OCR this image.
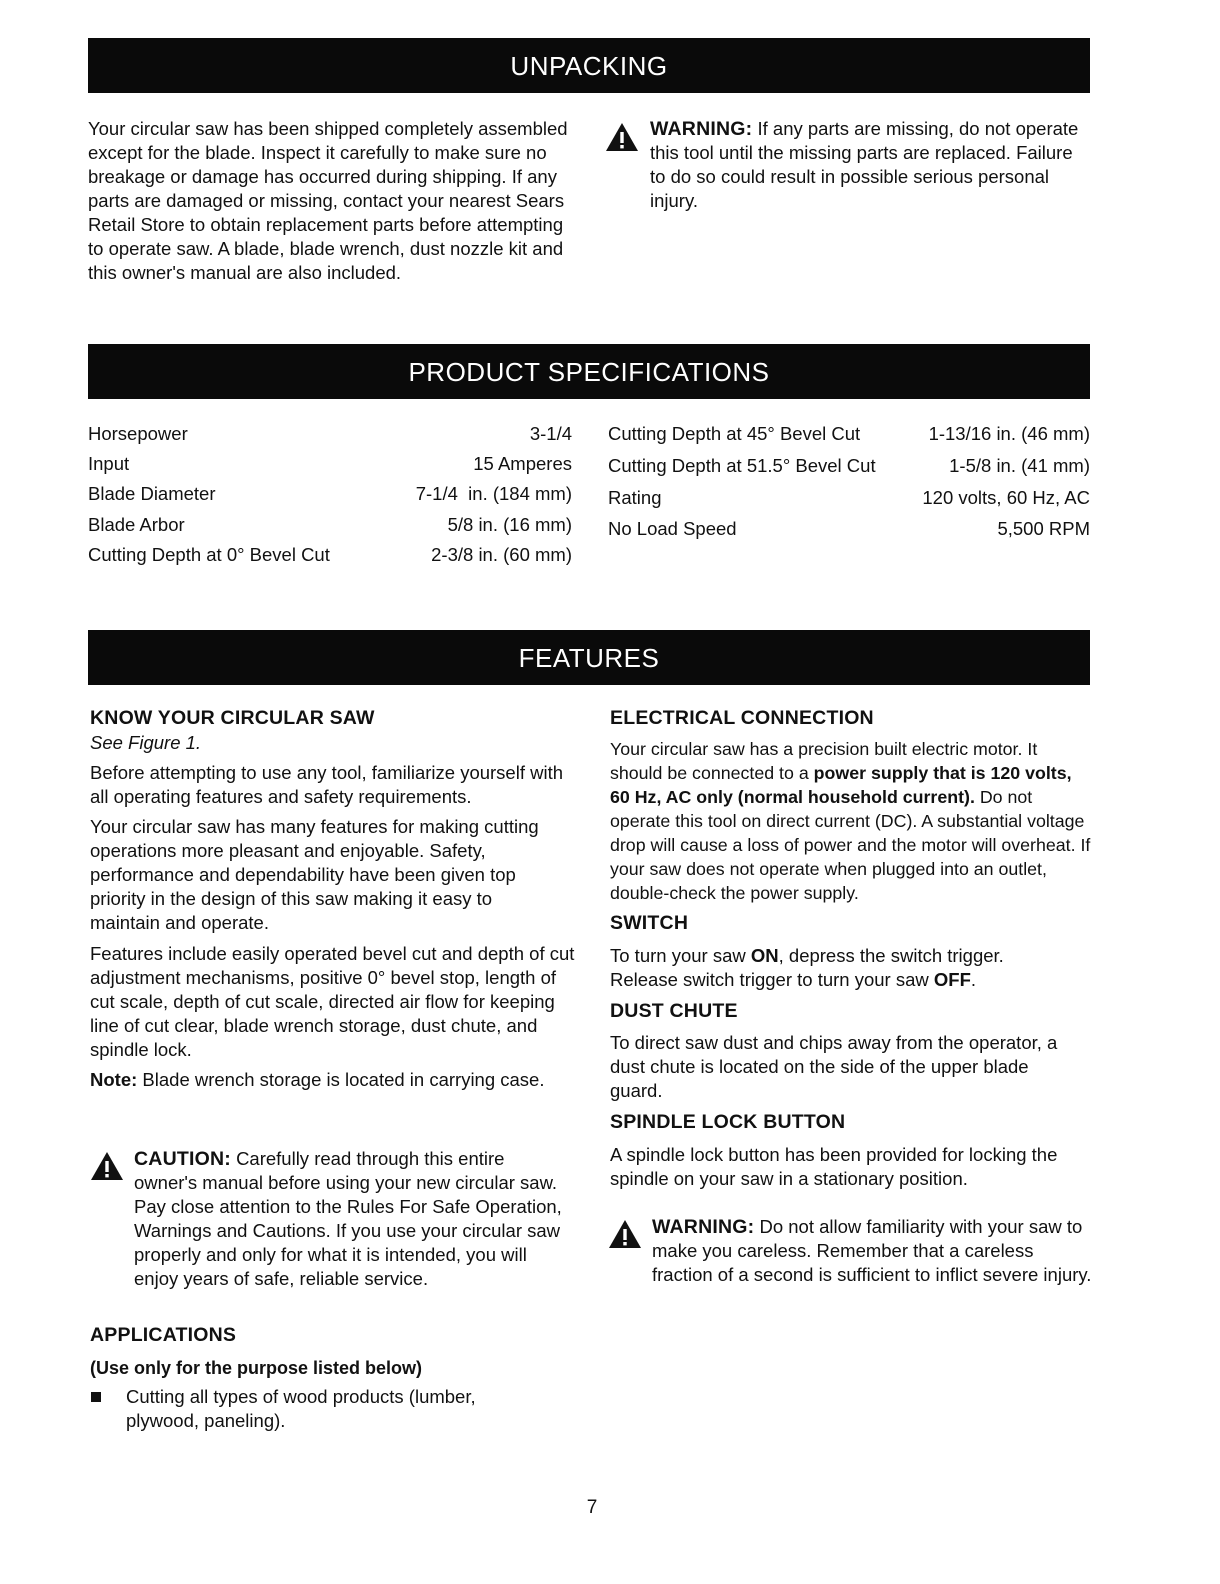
UNPACKING

Your circular saw has been shipped completely assembled except for the blade. Inspect it carefully to make sure no breakage or damage has occurred during shipping. If any parts are damaged or missing, contact your nearest Sears Retail Store to obtain replacement parts before attempting to operate saw. A blade, blade wrench, dust nozzle kit and this owner's manual are also included.

WARNING: If any parts are missing, do not operate this tool until the missing parts are replaced. Failure to do so could result in possible serious personal injury.
PRODUCT SPECIFICATIONS
Horsepower	3-1/4
Input	15 Amperes
Blade Diameter	7-1/4  in. (184 mm)
Blade Arbor	5/8 in. (16 mm)
Cutting Depth at 0° Bevel Cut	2-3/8 in. (60 mm)
Cutting Depth at 45° Bevel Cut	1-13/16 in. (46 mm)
Cutting Depth at 51.5° Bevel Cut	1-5/8 in. (41 mm)
Rating	120 volts, 60 Hz, AC
No Load Speed	5,500 RPM
FEATURES
KNOW YOUR CIRCULAR SAW
See Figure 1.

Before attempting to use any tool, familiarize yourself with all operating features and safety requirements.

Your circular saw has many features for making cutting operations more pleasant and enjoyable. Safety, performance and dependability have been given top priority in the design of this saw making it easy to maintain and operate.

Features include easily operated bevel cut and depth of cut adjustment mechanisms, positive 0° bevel stop, length of cut scale, depth of cut scale, directed air flow for keeping line of cut clear, blade wrench storage, dust chute, and spindle lock.

Note: Blade wrench storage is located in carrying case.
CAUTION: Carefully read through this entire owner's manual before using your new circular saw. Pay close attention to the Rules For Safe Operation, Warnings and Cautions. If you use your circular saw properly and only for what it is intended, you will enjoy years of safe, reliable service.
APPLICATIONS
(Use only for the purpose listed below)

Cutting all types of wood products (lumber, plywood, paneling).

ELECTRICAL CONNECTION

Your circular saw has a precision built electric motor. It should be connected to a power supply that is 120 volts, 60 Hz, AC only (normal household current). Do not operate this tool on direct current (DC). A substantial voltage drop will cause a loss of power and the motor will overheat. If your saw does not operate when plugged into an outlet, double-check the power supply.

SWITCH

To turn your saw ON, depress the switch trigger. Release switch trigger to turn your saw OFF.

DUST CHUTE

To direct saw dust and chips away from the operator, a dust chute is located on the side of the upper blade guard.

SPINDLE LOCK BUTTON

A spindle lock button has been provided for locking the spindle on your saw in a stationary position.

WARNING: Do not allow familiarity with your saw to make you careless. Remember that a careless fraction of a second is sufficient to inflict severe injury.
7
